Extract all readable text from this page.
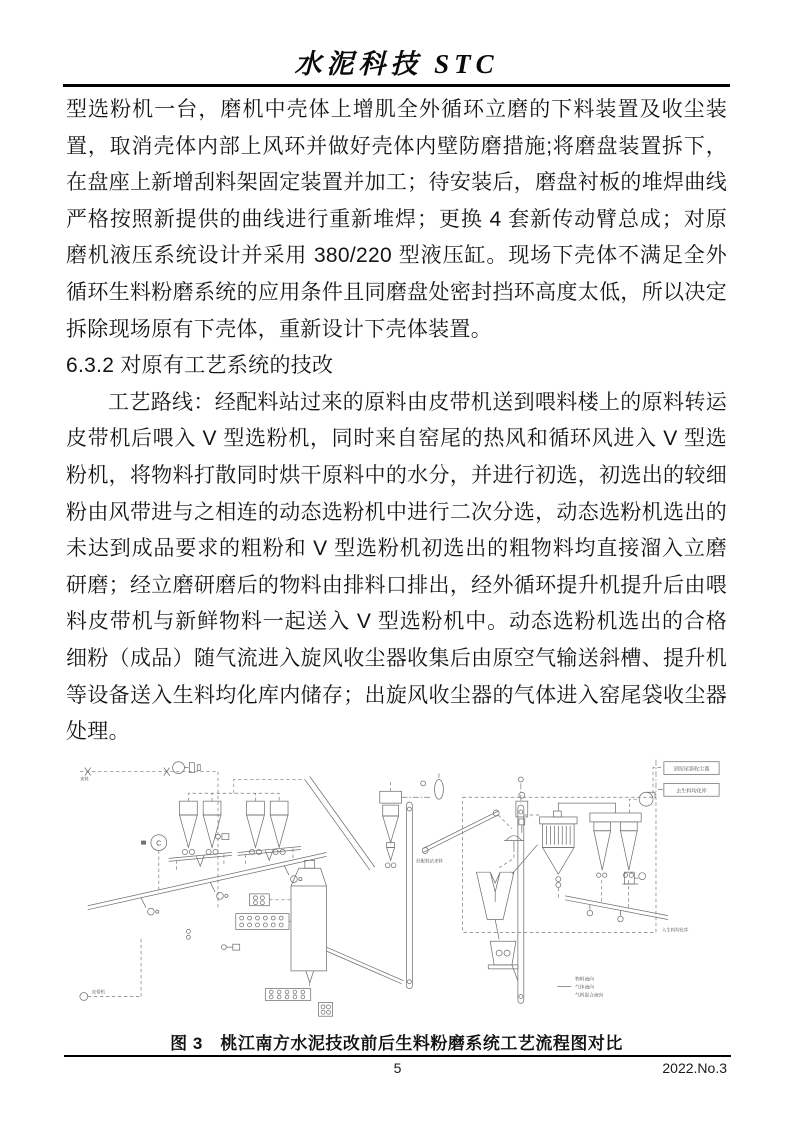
水泥科技 STC

型选粉机一台，磨机中壳体上增肌全外循环立磨的下料装置及收尘装置，取消壳体内部上风环并做好壳体内壁防磨措施;将磨盘装置拆下，在盘座上新增刮料架固定装置并加工；待安装后，磨盘衬板的堆焊曲线严格按照新提供的曲线进行重新堆焊；更换 4 套新传动臂总成；对原磨机液压系统设计并采用 380/220 型液压缸。现场下壳体不满足全外循环生料粉磨系统的应用条件且同磨盘处密封挡环高度太低，所以决定拆除现场原有下壳体，重新设计下壳体装置。

6.3.2 对原有工艺系统的技改

工艺路线：经配料站过来的原料由皮带机送到喂料楼上的原料转运皮带机后喂入 V 型选粉机，同时来自窑尾的热风和循环风进入 V 型选粉机，将物料打散同时烘干原料中的水分，并进行初选，初选出的较细粉由风带进与之相连的动态选粉机中进行二次分选，动态选粉机选出的未达到成品要求的粗粉和 V 型选粉机初选出的粗物料均直接溜入立磨研磨；经立磨研磨后的物料由排料口排出，经外循环提升机提升后由喂料皮带机与新鲜物料一起送入 V 型选粉机中。动态选粉机选出的合格细粉（成品）随气流进入旋风收尘器收集后由原空气输送斜槽、提升机等设备送入生料均化库内储存；出旋风收尘器的气体进入窑尾袋收尘器处理。

来料
C
皮带机
经配料站来料
到窑尾袋收尘器
去生料均化库
入生料均化库
物料流向
气体流向
气料混合流向
图 3　桃江南方水泥技改前后生料粉磨系统工艺流程图对比
5	2022.No.3
